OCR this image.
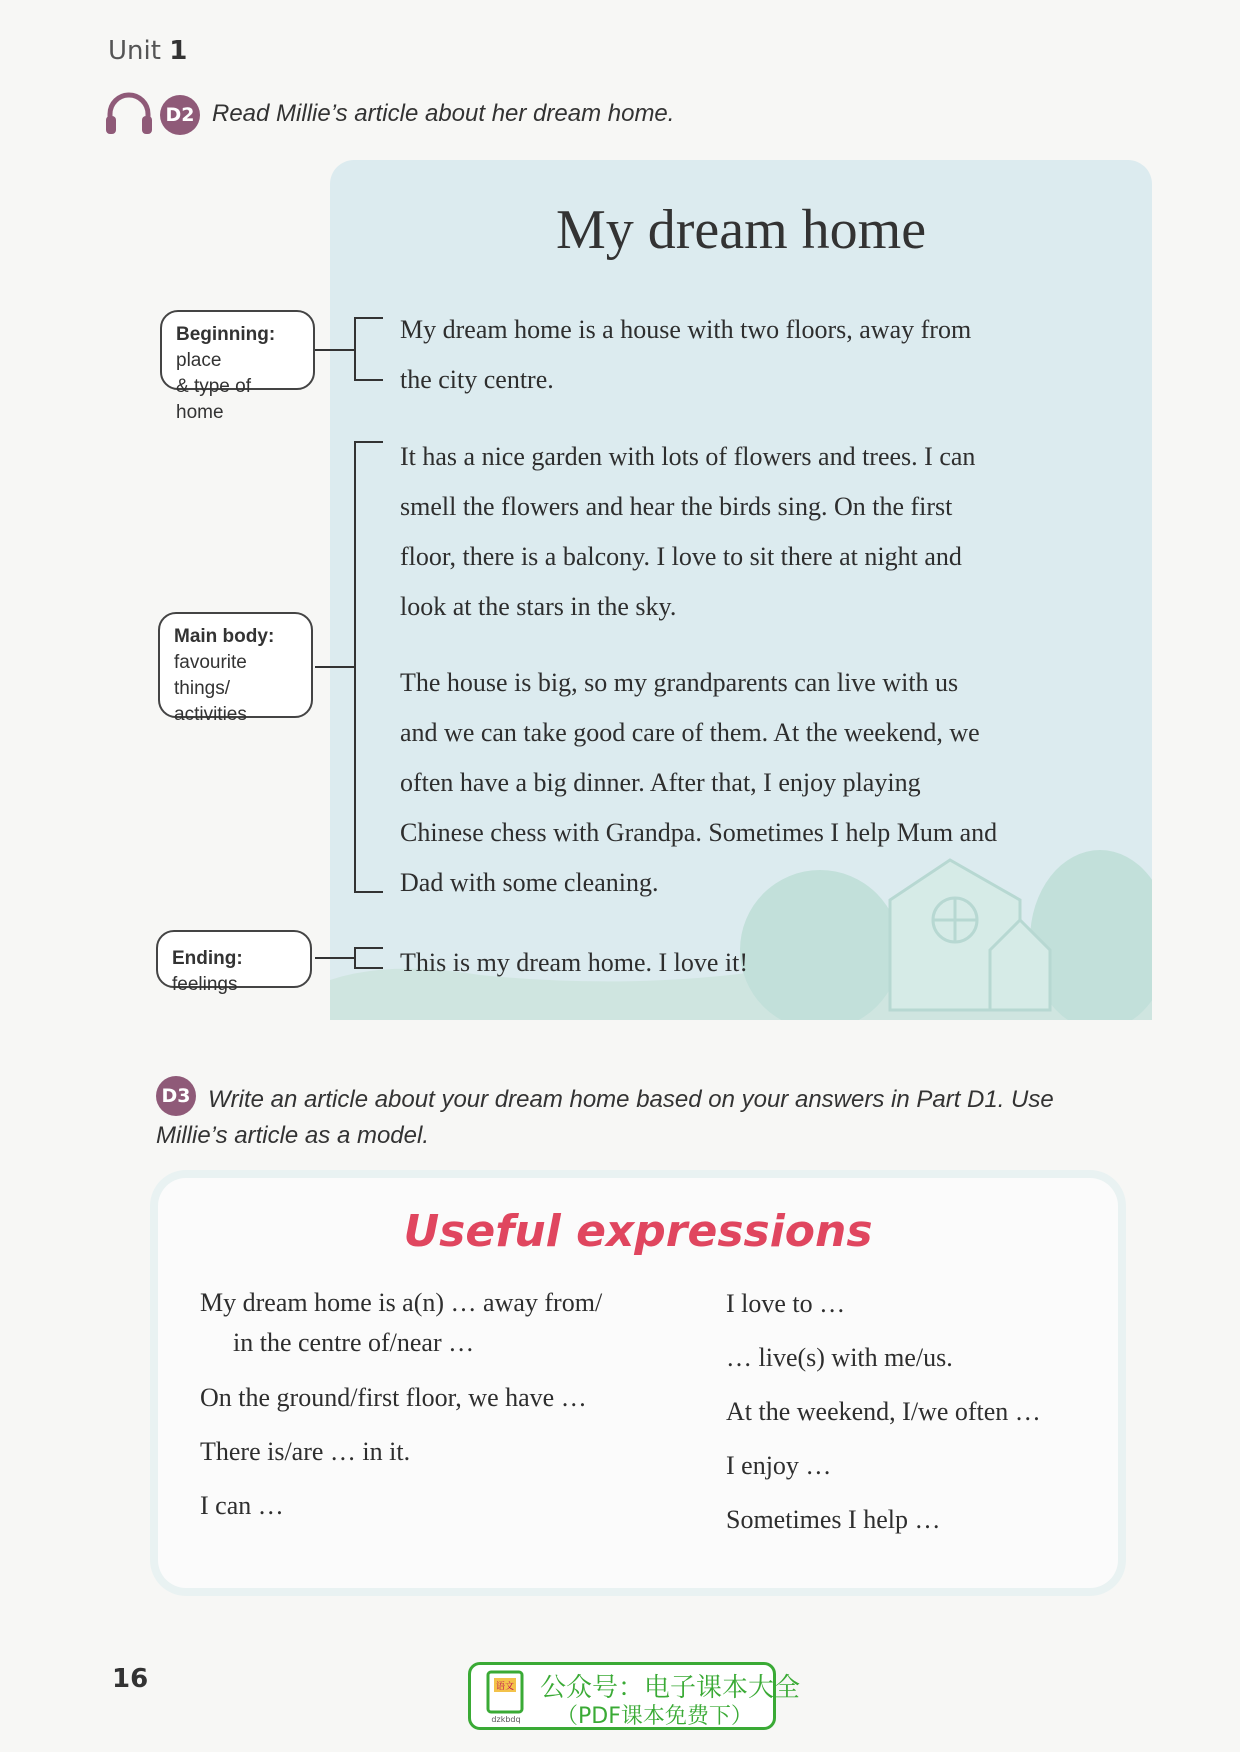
Unit 1
D2 Read Millie’s article about her dream home.
My dream home
Beginning: place
& type of home
Main body:
favourite things/
activities
Ending: feelings
My dream home is a house with two floors, away from
the city centre.
It has a nice garden with lots of flowers and trees. I can
smell the flowers and hear the birds sing. On the first
floor, there is a balcony. I love to sit there at night and
look at the stars in the sky.
The house is big, so my grandparents can live with us
and we can take good care of them. At the weekend, we
often have a big dinner. After that, I enjoy playing
Chinese chess with Grandpa. Sometimes I help Mum and
Dad with some cleaning.
This is my dream home. I love it!
Write an article about your dream home based on your answers in Part D1. Use Millie’s article as a model.
D3
Useful expressions
My dream home is a(n) … away from/
in the centre of/near …
On the ground/first floor, we have …
There is/are … in it.
I can …
I love to …
… live(s) with me/us.
At the weekend, I/we often …
I enjoy …
Sometimes I help …
16	语文
dzkbdq
公众号：电子课本大全
（PDF课本免费下）
